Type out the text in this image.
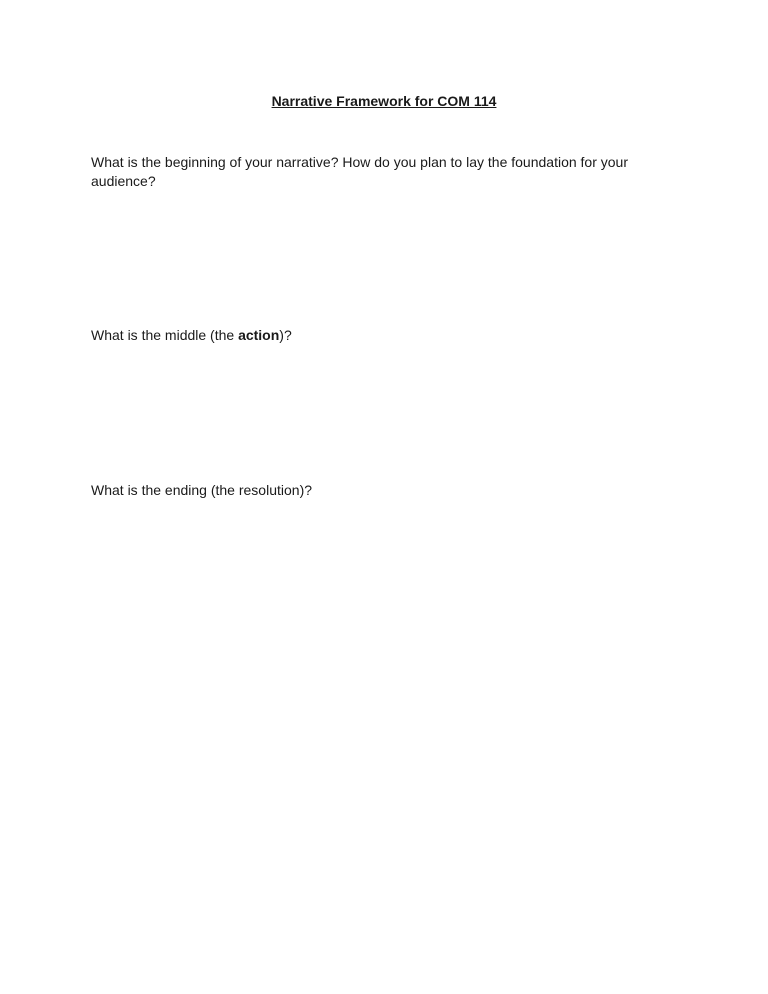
Narrative Framework for COM 114
What is the beginning of your narrative? How do you plan to lay the foundation for your audience?
What is the middle (the action)?
What is the ending (the resolution)?
